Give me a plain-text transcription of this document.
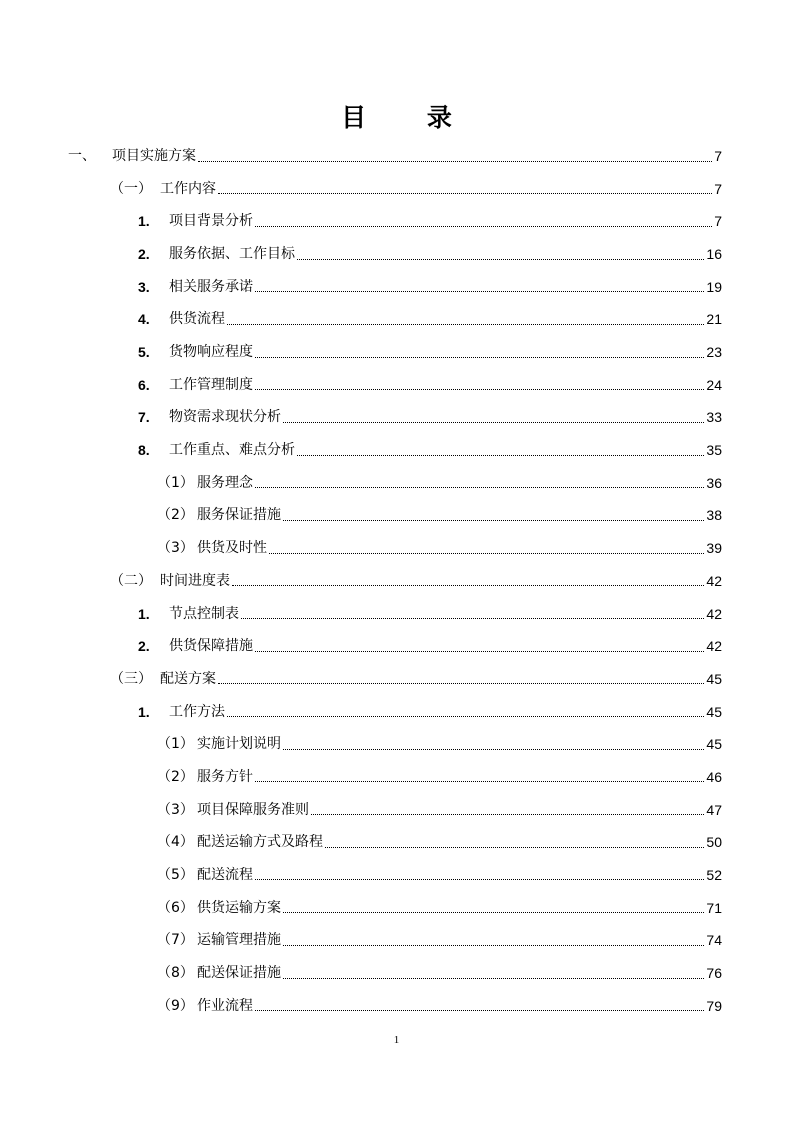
目 录
一、	项目实施方案	7
（一） 工作内容	7
1.	项目背景分析	7
2.	服务依据、工作目标	16
3.	相关服务承诺	19
4.	供货流程	21
5.	货物响应程度	23
6.	工作管理制度	24
7.	物资需求现状分析	33
8.	工作重点、难点分析	35
（1） 服务理念	36
（2） 服务保证措施	38
（3） 供货及时性	39
（二） 时间进度表	42
1.	节点控制表	42
2.	供货保障措施	42
（三） 配送方案	45
1.	工作方法	45
（1） 实施计划说明	45
（2） 服务方针	46
（3） 项目保障服务准则	47
（4） 配送运输方式及路程	50
（5） 配送流程	52
（6） 供货运输方案	71
（7） 运输管理措施	74
（8） 配送保证措施	76
（9） 作业流程	79
1
